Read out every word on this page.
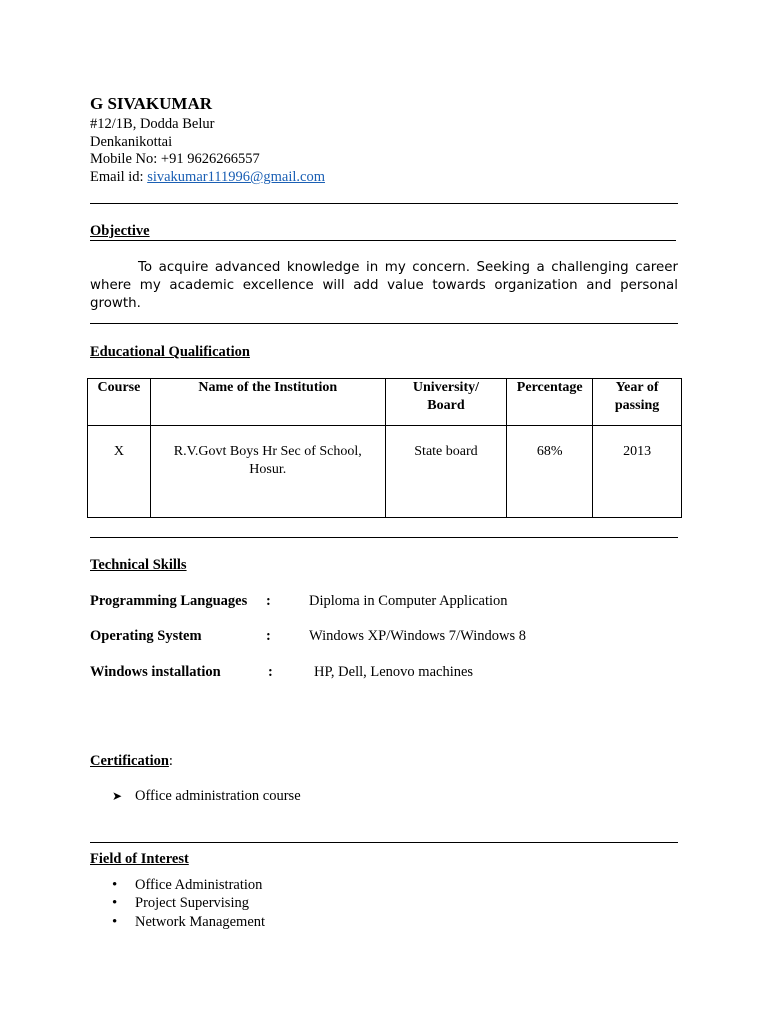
G SIVAKUMAR
#12/1B, Dodda Belur
Denkanikottai
Mobile No: +91 9626266557
Email id: sivakumar111996@gmail.com
Objective
To acquire advanced knowledge in my concern. Seeking a challenging career where my academic excellence will add value towards organization and personal growth.
Educational Qualification
Course	Name of the Institution	University/ Board	Percentage	Year of passing
X	R.V.Govt Boys Hr Sec of School, Hosur.	State board	68%	2013
Technical Skills
Programming Languages :	Diploma in Computer Application
Operating System	:	Windows XP/Windows 7/Windows 8
Windows installation	:	HP, Dell, Lenovo machines
Certification:
➤ Office administration course
Field of Interest
• Office Administration
• Project Supervising
• Network Management
